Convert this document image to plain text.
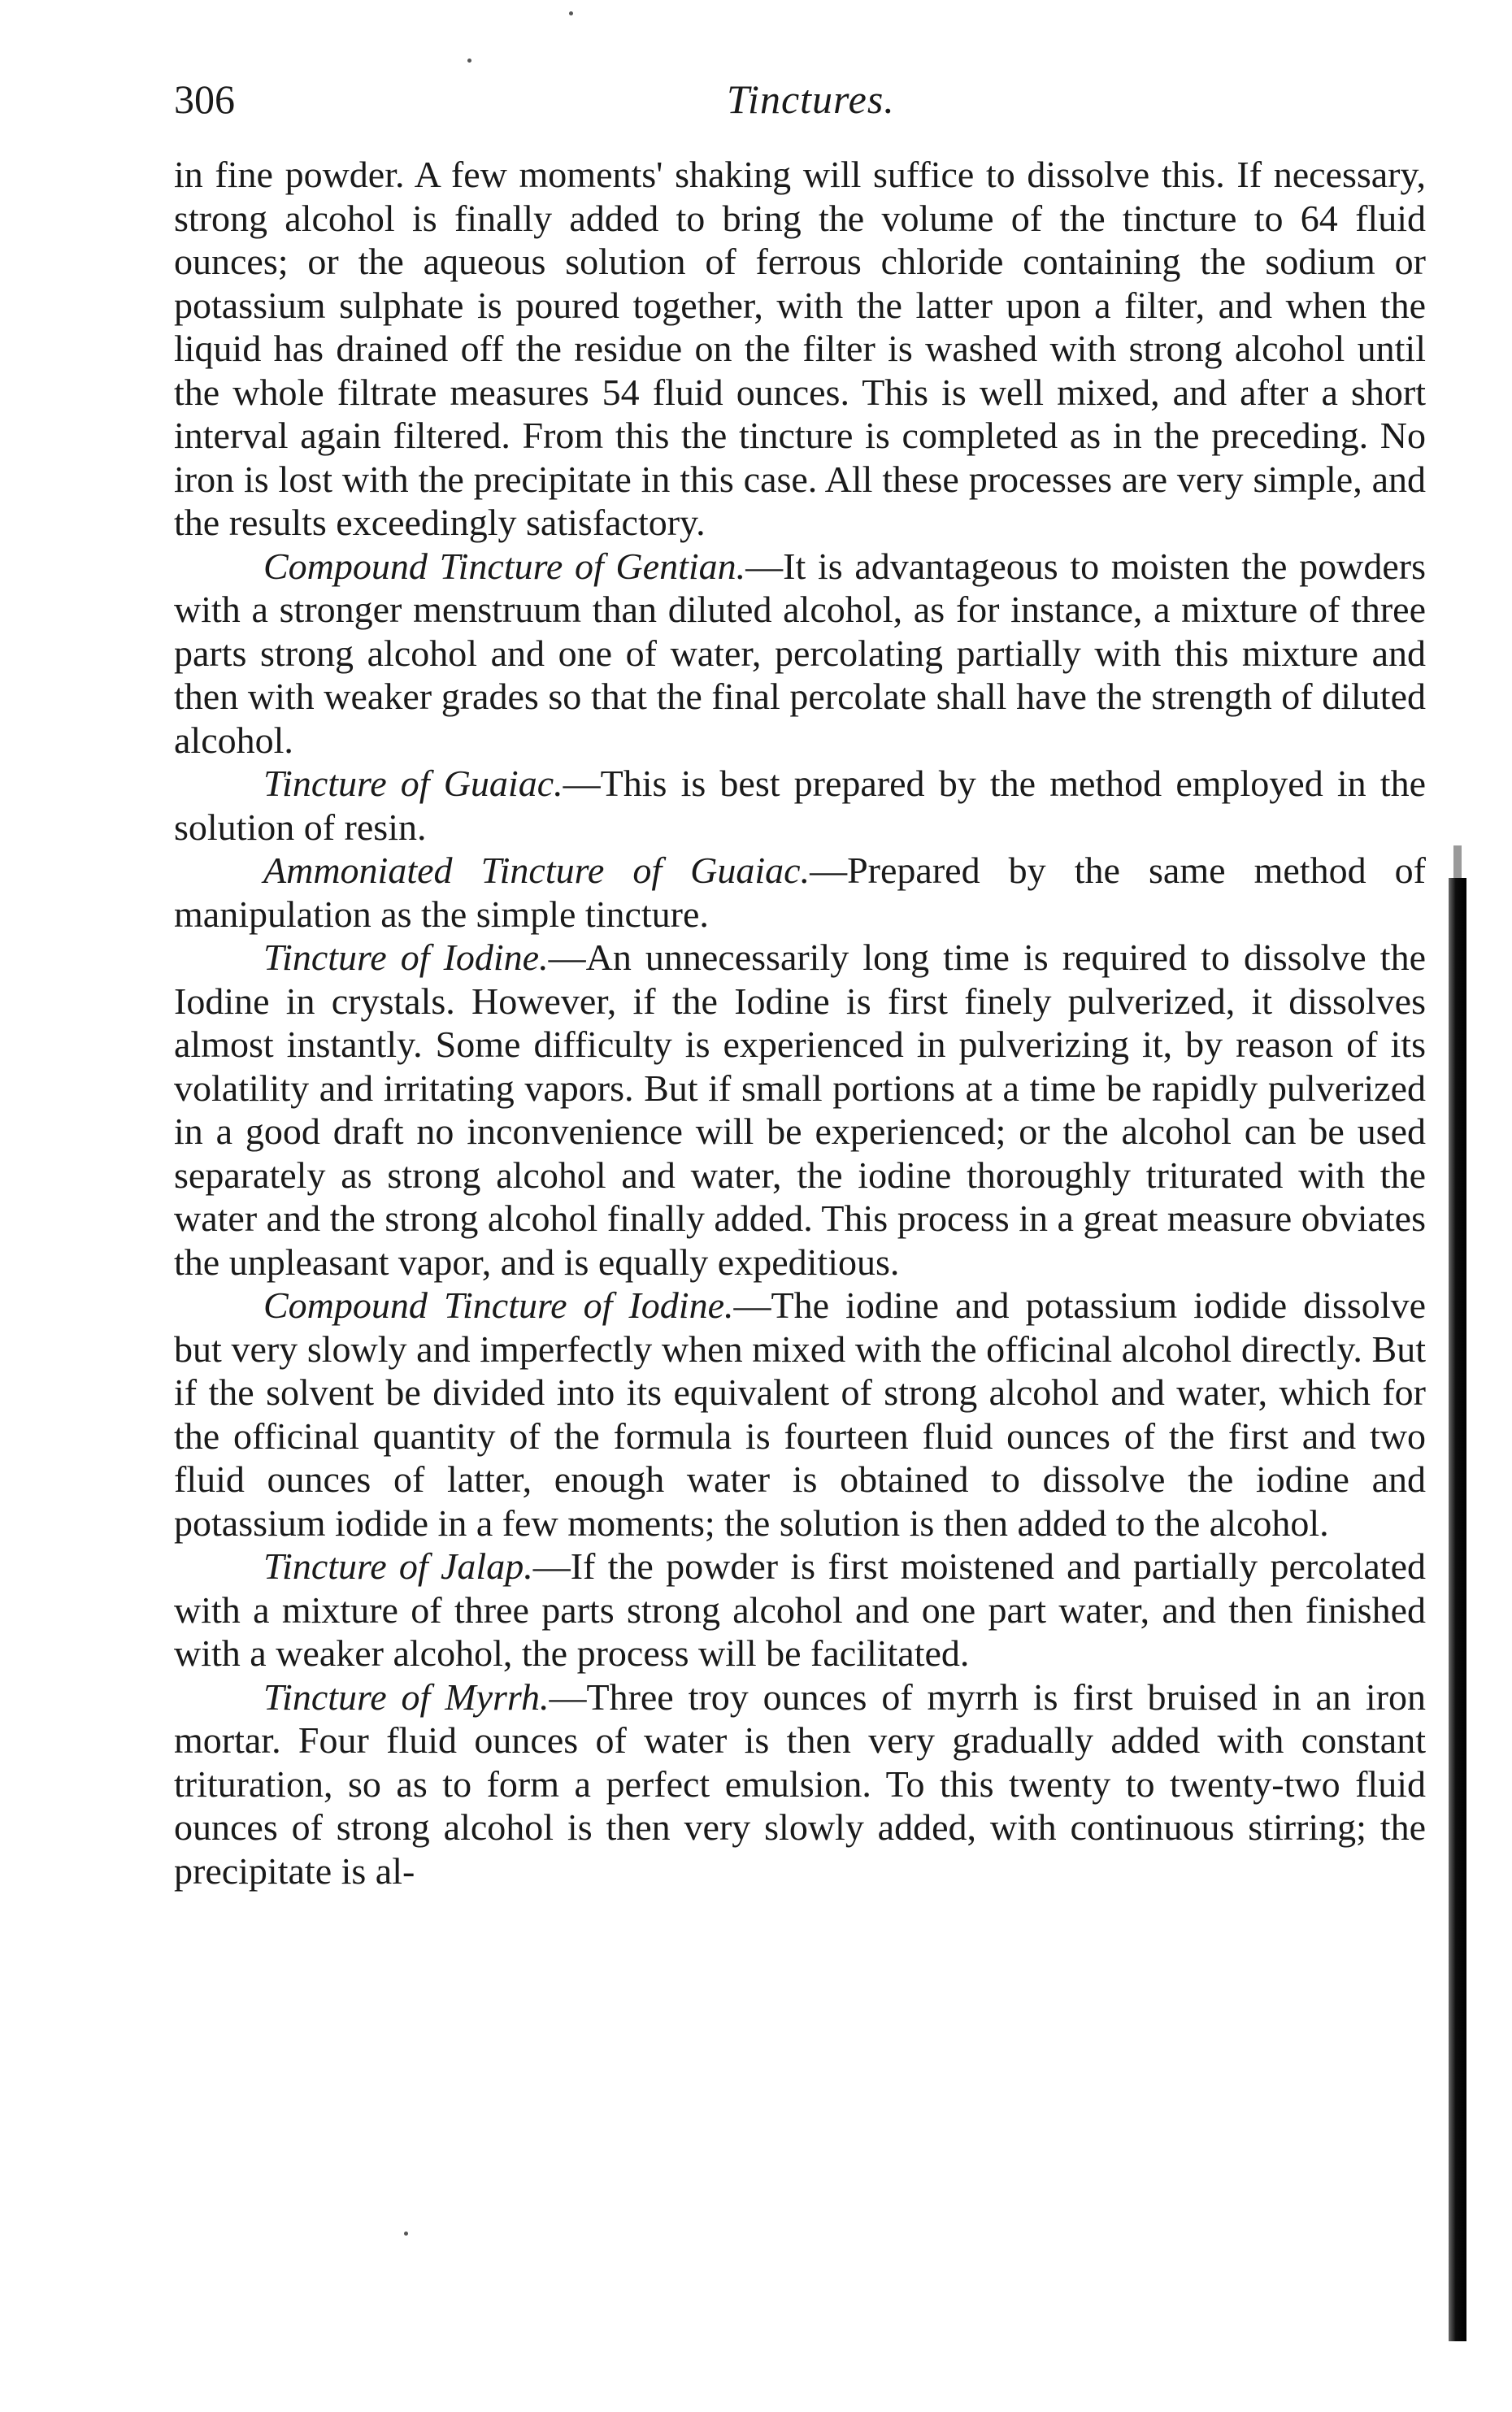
306	Tinctures.

in fine powder. A few moments' shaking will suffice to dissolve this. If necessary, strong alcohol is finally added to bring the volume of the tincture to 64 fluid ounces; or the aqueous solution of ferrous chloride containing the sodium or potassium sulphate is poured together, with the latter upon a filter, and when the liquid has drained off the residue on the filter is washed with strong alcohol until the whole filtrate measures 54 fluid ounces. This is well mixed, and after a short interval again filtered. From this the tincture is completed as in the preceding. No iron is lost with the precipitate in this case. All these processes are very simple, and the results exceedingly satisfactory.

Compound Tincture of Gentian.—It is advantageous to moisten the powders with a stronger menstruum than diluted alcohol, as for instance, a mixture of three parts strong alcohol and one of water, percolating partially with this mixture and then with weaker grades so that the final percolate shall have the strength of diluted alcohol.

Tincture of Guaiac.—This is best prepared by the method employed in the solution of resin.

Ammoniated Tincture of Guaiac.—Prepared by the same method of manipulation as the simple tincture.

Tincture of Iodine.—An unnecessarily long time is required to dissolve the Iodine in crystals. However, if the Iodine is first finely pulverized, it dissolves almost instantly. Some difficulty is experienced in pulverizing it, by reason of its volatility and irritating vapors. But if small portions at a time be rapidly pulverized in a good draft no inconvenience will be experienced; or the alcohol can be used separately as strong alcohol and water, the iodine thoroughly triturated with the water and the strong alcohol finally added. This process in a great measure obviates the unpleasant vapor, and is equally expeditious.

Compound Tincture of Iodine.—The iodine and potassium iodide dissolve but very slowly and imperfectly when mixed with the officinal alcohol directly. But if the solvent be divided into its equivalent of strong alcohol and water, which for the officinal quantity of the formula is fourteen fluid ounces of the first and two fluid ounces of latter, enough water is obtained to dissolve the iodine and potassium iodide in a few moments; the solution is then added to the alcohol.

Tincture of Jalap.—If the powder is first moistened and partially percolated with a mixture of three parts strong alcohol and one part water, and then finished with a weaker alcohol, the process will be facilitated.

Tincture of Myrrh.—Three troy ounces of myrrh is first bruised in an iron mortar. Four fluid ounces of water is then very gradually added with constant trituration, so as to form a perfect emulsion. To this twenty to twenty-two fluid ounces of strong alcohol is then very slowly added, with continuous stirring; the precipitate is al-
